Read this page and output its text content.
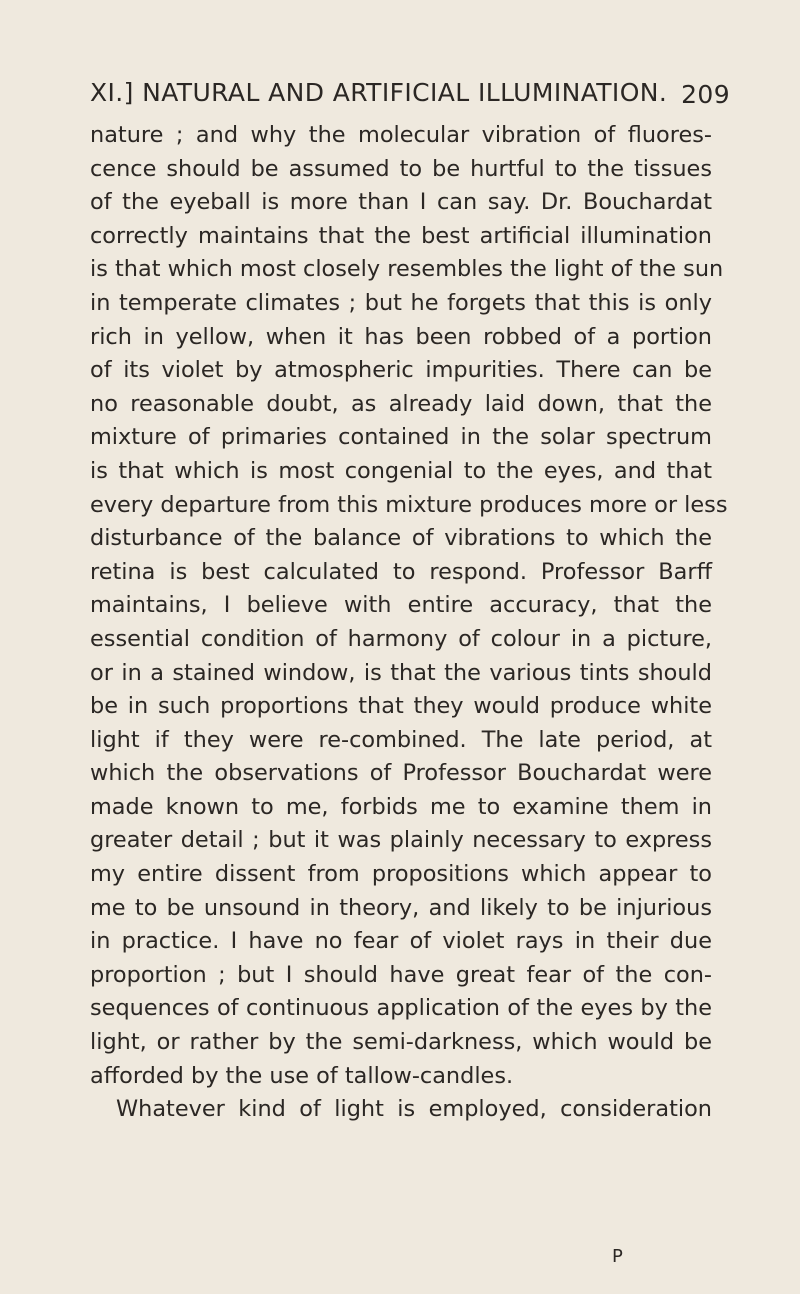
XI.] NATURAL AND ARTIFICIAL ILLUMINATION. 209
nature ; and why the molecular vibration of fluores-
cence should be assumed to be hurtful to the tissues
of the eyeball is more than I can say. Dr. Bouchardat
correctly maintains that the best artificial illumination
is that which most closely resembles the light of the sun
in temperate climates ; but he forgets that this is only
rich in yellow, when it has been robbed of a portion
of its violet by atmospheric impurities. There can be
no reasonable doubt, as already laid down, that the
mixture of primaries contained in the solar spectrum
is that which is most congenial to the eyes, and that
every departure from this mixture produces more or less
disturbance of the balance of vibrations to which the
retina is best calculated to respond. Professor Barff
maintains, I believe with entire accuracy, that the
essential condition of harmony of colour in a picture,
or in a stained window, is that the various tints should
be in such proportions that they would produce white
light if they were re-combined. The late period, at
which the observations of Professor Bouchardat were
made known to me, forbids me to examine them in
greater detail ; but it was plainly necessary to express
my entire dissent from propositions which appear to
me to be unsound in theory, and likely to be injurious
in practice. I have no fear of violet rays in their due
proportion ; but I should have great fear of the con-
sequences of continuous application of the eyes by the
light, or rather by the semi-darkness, which would be
afforded by the use of tallow-candles.
Whatever kind of light is employed, consideration
P
